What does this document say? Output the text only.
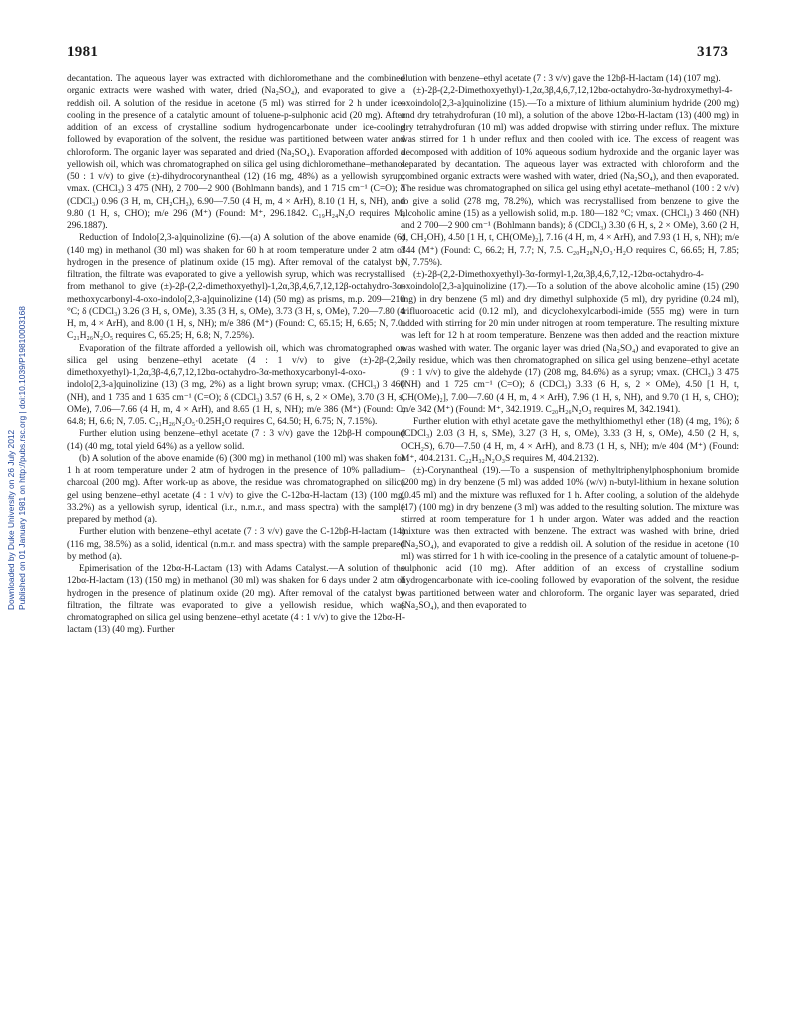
1981	3173
Downloaded by Duke University on 26 July 2012 Published on 01 January 1981 on http://pubs.rsc.org | doi:10.1039/P19810003168

decantation. The aqueous layer was extracted with dichloromethane and the combined organic extracts were washed with water, dried (Na₂SO₄), and evaporated to give a reddish oil. A solution of the residue in acetone (5 ml) was stirred for 2 h under ice-cooling in the presence of a catalytic amount of toluene-p-sulphonic acid (20 mg). After addition of an excess of crystalline sodium hydrogencarbonate under ice-cooling followed by evaporation of the solvent, the residue was partitioned between water and chloroform. The organic layer was separated and dried (Na₂SO₄). Evaporation afforded a yellowish oil, which was chromatographed on silica gel using dichloromethane–methanol (50 : 1 v/v) to give (±)-dihydrocorynantheal (12) (16 mg, 48%) as a yellowish syrup; νmax. (CHCl₃) 3 475 (NH), 2 700—2 900 (Bohlmann bands), and 1 715 cm⁻¹ (C=O); δ (CDCl₃) 0.96 (3 H, m, CH₂CH₃), 6.90—7.50 (4 H, m, 4 × ArH), 8.10 (1 H, s, NH), and 9.80 (1 H, s, CHO); m/e 296 (M⁺) (Found: M⁺, 296.1842. C₁₉H₂₄N₂O requires M, 296.1887).

Reduction of Indolo[2,3-a]quinolizine (6).—(a) A solution of the above enamide (6) (140 mg) in methanol (30 ml) was shaken for 60 h at room temperature under 2 atm of hydrogen in the presence of platinum oxide (15 mg). After removal of the catalyst by filtration, the filtrate was evaporated to give a yellowish syrup, which was recrystallised from methanol to give (±)-2β-(2,2-dimethoxyethyl)-1,2α,3β,4,6,7,12,12β-octahydro-3α-methoxycarbonyl-4-oxo-indolo[2,3-a]quinolizine (14) (50 mg) as prisms, m.p. 209—210 °C; δ (CDCl₃) 3.26 (3 H, s, OMe), 3.35 (3 H, s, OMe), 3.73 (3 H, s, OMe), 7.20—7.80 (4 H, m, 4 × ArH), and 8.00 (1 H, s, NH); m/e 386 (M⁺) (Found: C, 65.15; H, 6.65; N, 7.0. C₂₁H₂₆N₂O₅ requires C, 65.25; H, 6.8; N, 7.25%).

Evaporation of the filtrate afforded a yellowish oil, which was chromatographed on silica gel using benzene–ethyl acetate (4 : 1 v/v) to give (±)-2β-(2,2-dimethoxyethyl)-1,2α,3β-4,6,7,12,12bα-octahydro-3α-methoxycarbonyl-4-oxo-indolo[2,3-a]quinolizine (13) (3 mg, 2%) as a light brown syrup; νmax. (CHCl₃) 3 460 (NH), and 1 735 and 1 635 cm⁻¹ (C=O); δ (CDCl₃) 3.57 (6 H, s, 2 × OMe), 3.70 (3 H, s, OMe), 7.06—7.66 (4 H, m, 4 × ArH), and 8.65 (1 H, s, NH); m/e 386 (M⁺) (Found: C, 64.8; H, 6.6; N, 7.05. C₂₁H₂₆N₂O₅·0.25H₂O requires C, 64.50; H, 6.75; N, 7.15%).

Further elution using benzene–ethyl acetate (7 : 3 v/v) gave the 12bβ-H compound (14) (40 mg, total yield 64%) as a yellow solid.

(b) A solution of the above enamide (6) (300 mg) in methanol (100 ml) was shaken for 1 h at room temperature under 2 atm of hydrogen in the presence of 10% palladium–charcoal (200 mg). After work-up as above, the residue was chromatographed on silica gel using benzene–ethyl acetate (4 : 1 v/v) to give the C-12bα-H-lactam (13) (100 mg, 33.2%) as a yellowish syrup, identical (i.r., n.m.r., and mass spectra) with the sample prepared by method (a).

Further elution with benzene–ethyl acetate (7 : 3 v/v) gave the C-12bβ-H-lactam (14) (116 mg, 38.5%) as a solid, identical (n.m.r. and mass spectra) with the sample prepared by method (a).

Epimerisation of the 12bα-H-Lactam (13) with Adams Catalyst.—A solution of the 12bα-H-lactam (13) (150 mg) in methanol (30 ml) was shaken for 6 days under 2 atm of hydrogen in the presence of platinum oxide (20 mg). After removal of the catalyst by filtration, the filtrate was evaporated to give a yellowish residue, which was chromatographed on silica gel using benzene–ethyl acetate (4 : 1 v/v) to give the 12bα-H-lactam (13) (40 mg). Further

elution with benzene–ethyl acetate (7 : 3 v/v) gave the 12bβ-H-lactam (14) (107 mg).

(±)-2β-(2,2-Dimethoxyethyl)-1,2α,3β,4,6,7,12,12bα-octahydro-3α-hydroxymethyl-4-oxoindolo[2,3-a]quinolizine (15).—To a mixture of lithium aluminium hydride (200 mg) and dry tetrahydrofuran (10 ml), a solution of the above 12bα-H-lactam (13) (400 mg) in dry tetrahydrofuran (10 ml) was added dropwise with stirring under reflux. The mixture was stirred for 1 h under reflux and then cooled with ice. The excess of reagent was decomposed with addition of 10% aqueous sodium hydroxide and the organic layer was separated by decantation. The aqueous layer was extracted with chloroform and the combined organic extracts were washed with water, dried (Na₂SO₄), and then evaporated. The residue was chromatographed on silica gel using ethyl acetate–methanol (100 : 2 v/v) to give a solid (278 mg, 78.2%), which was recrystallised from benzene to give the alcoholic amine (15) as a yellowish solid, m.p. 180—182 °C; νmax. (CHCl₃) 3 460 (NH) and 2 700—2 900 cm⁻¹ (Bohlmann bands); δ (CDCl₃) 3.30 (6 H, s, 2 × OMe), 3.60 (2 H, d, CH₂OH), 4.50 [1 H, t, CH(OMe)₂], 7.16 (4 H, m, 4 × ArH), and 7.93 (1 H, s, NH); m/e 344 (M⁺) (Found: C, 66.2; H, 7.7; N, 7.5. C₂₀H₂₈N₂O₃·H₂O requires C, 66.65; H, 7.85; N, 7.75%).

(±)-2β-(2,2-Dimethoxyethyl)-3α-formyl-1,2α,3β,4,6,7,12,-12bα-octahydro-4-oxoindolo[2,3-a]quinolizine (17).—To a solution of the above alcoholic amine (15) (290 mg) in dry benzene (5 ml) and dry dimethyl sulphoxide (5 ml), dry pyridine (0.24 ml), trifluoroacetic acid (0.12 ml), and dicyclohexylcarbodi-imide (555 mg) were in turn added with stirring for 20 min under nitrogen at room temperature. The resulting mixture was left for 12 h at room temperature. Benzene was then added and the reaction mixture was washed with water. The organic layer was dried (Na₂SO₄) and evaporated to give an oily residue, which was then chromatographed on silica gel using benzene–ethyl acetate (9 : 1 v/v) to give the aldehyde (17) (208 mg, 84.6%) as a syrup; νmax. (CHCl₃) 3 475 (NH) and 1 725 cm⁻¹ (C=O); δ (CDCl₃) 3.33 (6 H, s, 2 × OMe), 4.50 [1 H, t, CH(OMe)₂], 7.00—7.60 (4 H, m, 4 × ArH), 7.96 (1 H, s, NH), and 9.70 (1 H, s, CHO); m/e 342 (M⁺) (Found: M⁺, 342.1919. C₂₀H₂₆N₂O₃ requires M, 342.1941).

Further elution with ethyl acetate gave the methylthiomethyl ether (18) (4 mg, 1%); δ (CDCl₃) 2.03 (3 H, s, SMe), 3.27 (3 H, s, OMe), 3.33 (3 H, s, OMe), 4.50 (2 H, s, OCH₂S), 6.70—7.50 (4 H, m, 4 × ArH), and 8.73 (1 H, s, NH); m/e 404 (M⁺) (Found: M⁺, 404.2131. C₂₂H₃₂N₂O₃S requires M, 404.2132).

(±)-Corynantheal (19).—To a suspension of methyltriphenylphosphonium bromide (200 mg) in dry benzene (5 ml) was added 10% (w/v) n-butyl-lithium in hexane solution (0.45 ml) and the mixture was refluxed for 1 h. After cooling, a solution of the aldehyde (17) (100 mg) in dry benzene (3 ml) was added to the resulting solution. The mixture was stirred at room temperature for 1 h under argon. Water was added and the reaction mixture was then extracted with benzene. The extract was washed with brine, dried (Na₂SO₄), and evaporated to give a reddish oil. A solution of the residue in acetone (10 ml) was stirred for 1 h with ice-cooling in the presence of a catalytic amount of toluene-p-sulphonic acid (10 mg). After addition of an excess of crystalline sodium hydrogencarbonate with ice-cooling followed by evaporation of the solvent, the residue was partitioned between water and chloroform. The organic layer was separated, dried (Na₂SO₄), and then evaporated to
